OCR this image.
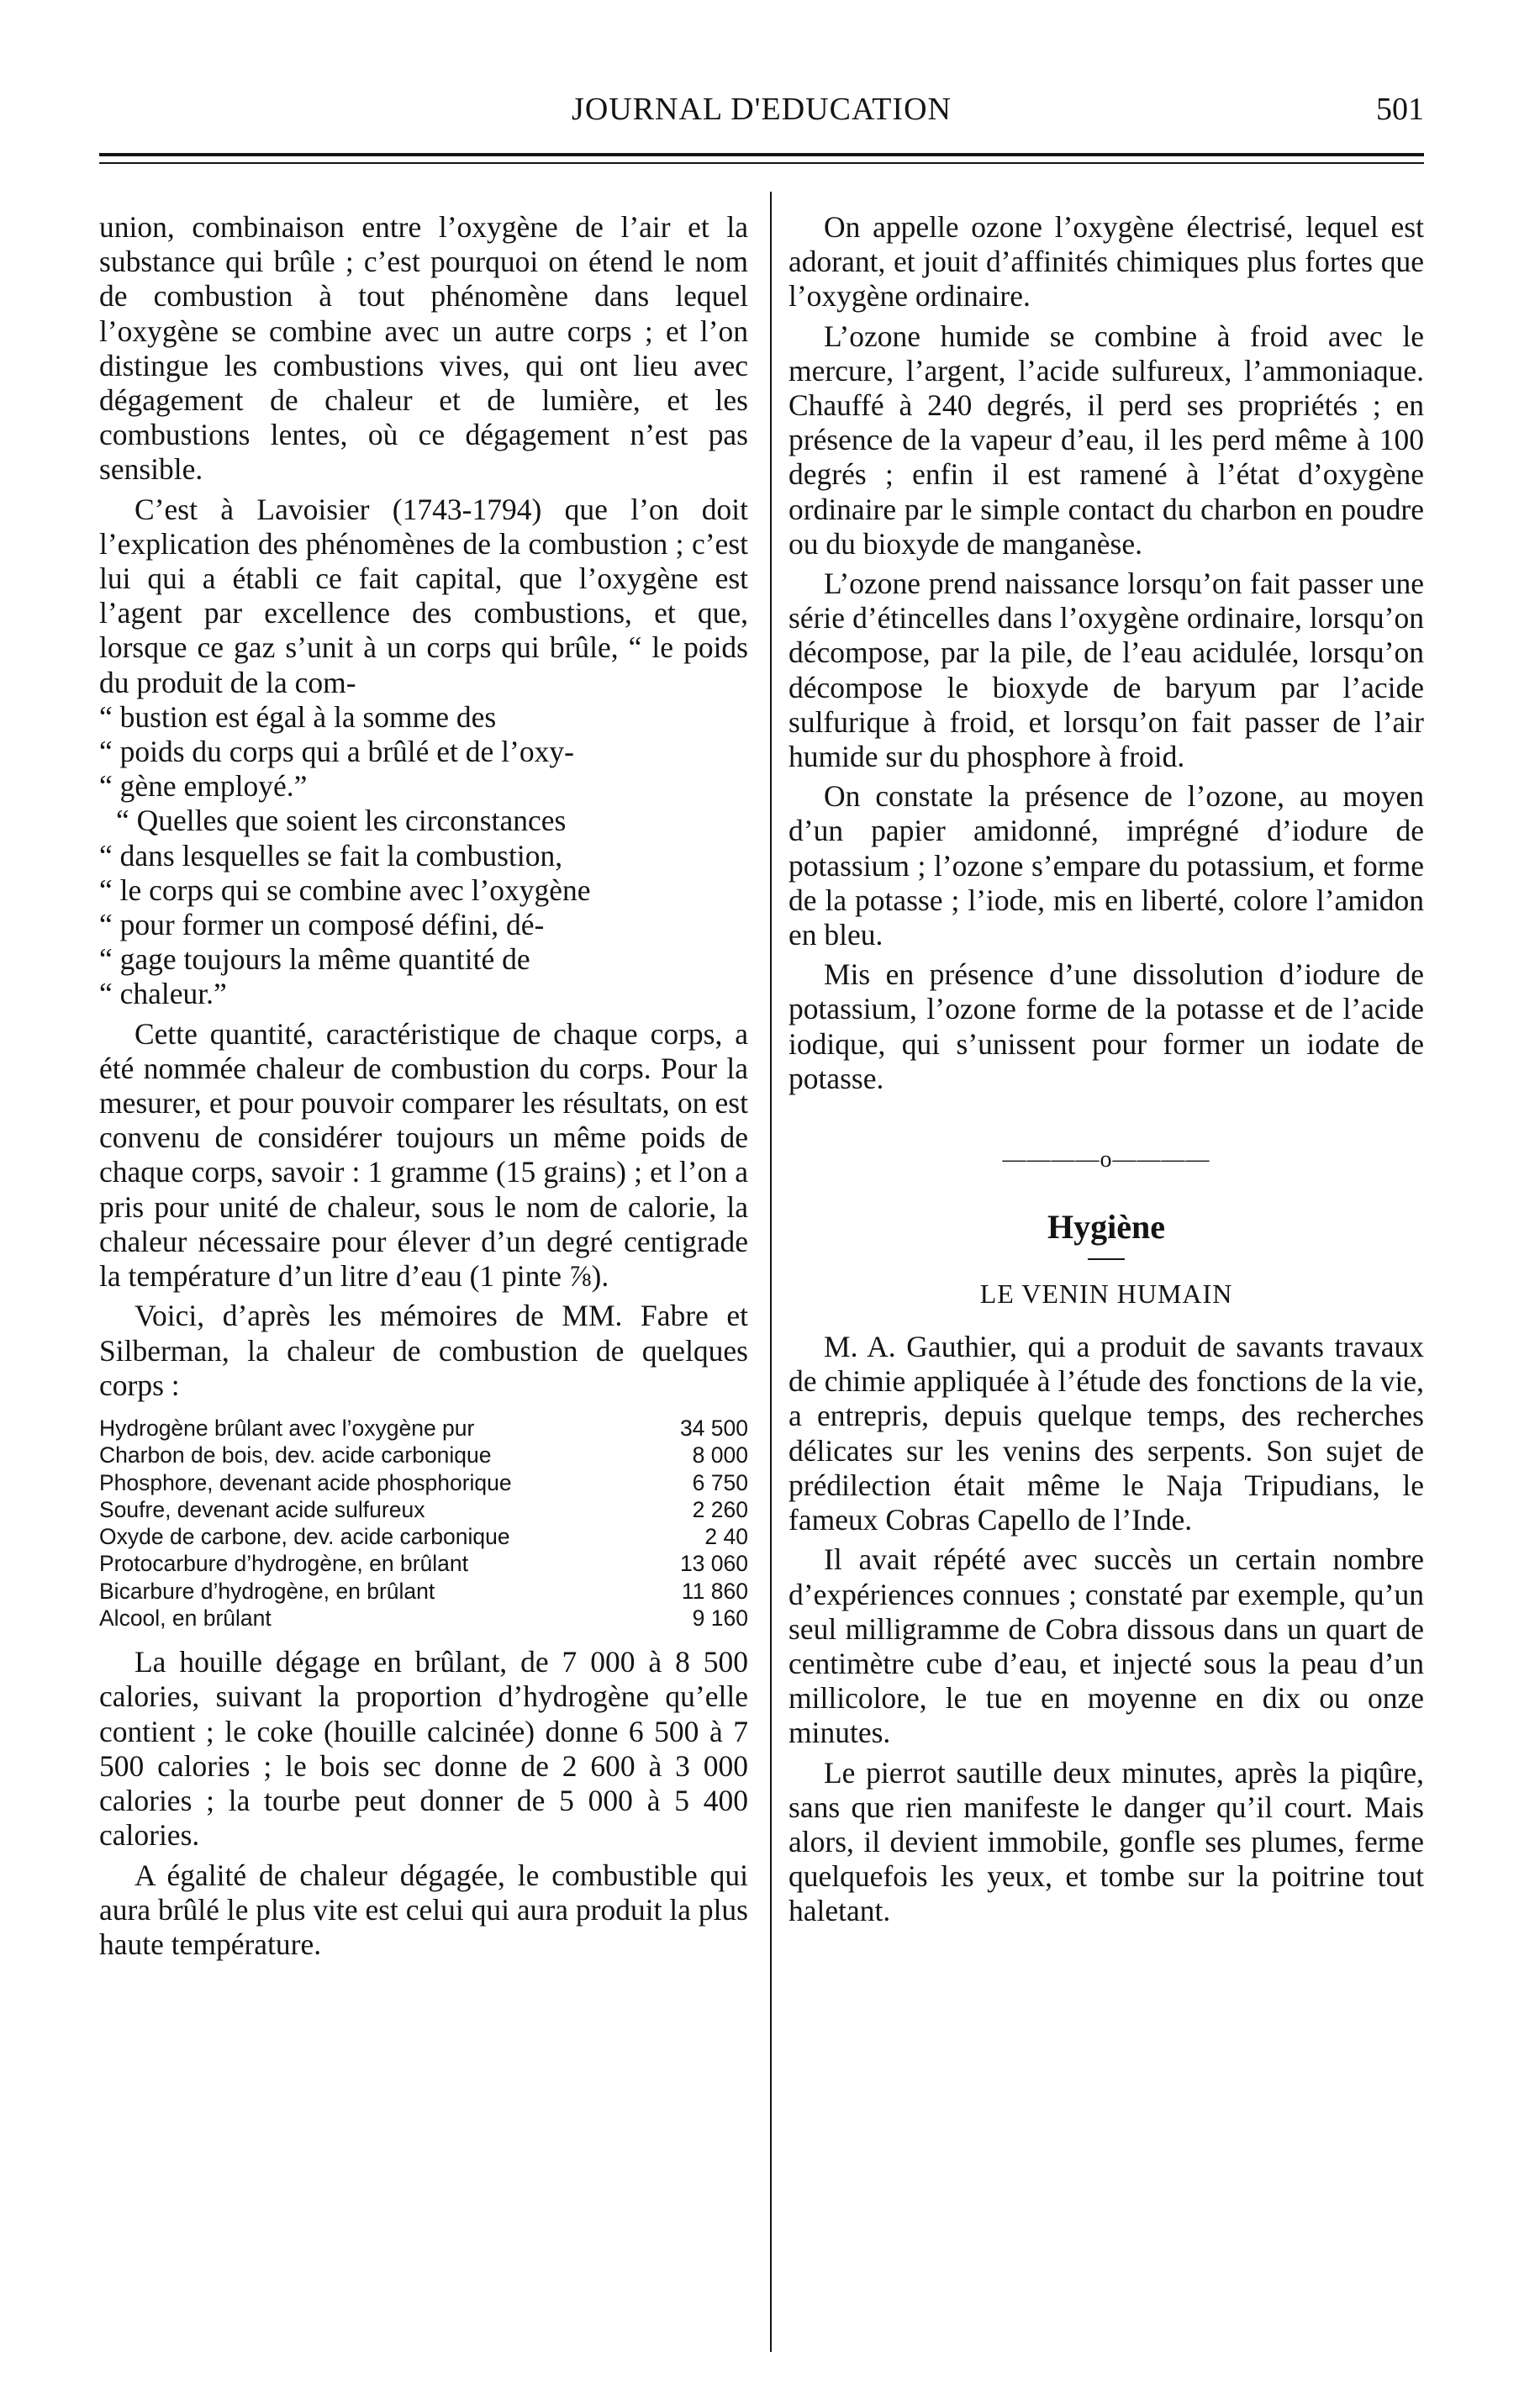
JOURNAL D'EDUCATION	501

union, combinaison entre l’oxygène de l’air et la substance qui brûle ; c’est pourquoi on étend le nom de combustion à tout phénomène dans lequel l’oxygène se combine avec un autre corps ; et l’on distingue les combustions vives, qui ont lieu avec dégagement de chaleur et de lumière, et les combustions lentes, où ce dégagement n’est pas sensible.

C’est à Lavoisier (1743-1794) que l’on doit l’explication des phénomènes de la combustion ; c’est lui qui a établi ce fait capital, que l’oxygène est l’agent par excellence des combustions, et que, lorsque ce gaz s’unit à un corps qui brûle, “ le poids du produit de la com-

“ bustion est égal à la somme des

“ poids du corps qui a brûlé et de l’oxy-

“ gène employé.”

“ Quelles que soient les circonstances

“ dans lesquelles se fait la combustion,

“ le corps qui se combine avec l’oxygène

“ pour former un composé défini, dé-

“ gage toujours la même quantité de

“ chaleur.”

Cette quantité, caractéristique de chaque corps, a été nommée chaleur de combustion du corps. Pour la mesurer, et pour pouvoir comparer les résultats, on est convenu de considérer toujours un même poids de chaque corps, savoir : 1 gramme (15 grains) ; et l’on a pris pour unité de chaleur, sous le nom de calorie, la chaleur nécessaire pour élever d’un degré centigrade la température d’un litre d’eau (1 pinte ⅞).

Voici, d’après les mémoires de MM. Fabre et Silberman, la chaleur de combustion de quelques corps :

Hydrogène brûlant avec l’oxygène pur	34 500
Charbon de bois, dev. acide carbonique	8 000
Phosphore, devenant acide phosphorique	6 750
Soufre, devenant acide sulfureux	2 260
Oxyde de carbone, dev. acide carbonique	2 40
Protocarbure d’hydrogène, en brûlant	13 060
Bicarbure d’hydrogène, en brûlant	11 860
Alcool, en brûlant	9 160

La houille dégage en brûlant, de 7 000 à 8 500 calories, suivant la proportion d’hydrogène qu’elle contient ; le coke (houille calcinée) donne 6 500 à 7 500 calories ; le bois sec donne de 2 600 à 3 000 calories ; la tourbe peut donner de 5 000 à 5 400 calories.

A égalité de chaleur dégagée, le combustible qui aura brûlé le plus vite est celui qui aura produit la plus haute température.

On appelle ozone l’oxygène électrisé, lequel est adorant, et jouit d’affinités chimiques plus fortes que l’oxygène ordinaire.

L’ozone humide se combine à froid avec le mercure, l’argent, l’acide sulfureux, l’ammoniaque. Chauffé à 240 degrés, il perd ses propriétés ; en présence de la vapeur d’eau, il les perd même à 100 degrés ; enfin il est ramené à l’état d’oxygène ordinaire par le simple contact du charbon en poudre ou du bioxyde de manganèse.

L’ozone prend naissance lorsqu’on fait passer une série d’étincelles dans l’oxygène ordinaire, lorsqu’on décompose, par la pile, de l’eau acidulée, lorsqu’on décompose le bioxyde de baryum par l’acide sulfurique à froid, et lorsqu’on fait passer de l’air humide sur du phosphore à froid.

On constate la présence de l’ozone, au moyen d’un papier amidonné, imprégné d’iodure de potassium ; l’ozone s’empare du potassium, et forme de la potasse ; l’iode, mis en liberté, colore l’amidon en bleu.

Mis en présence d’une dissolution d’iodure de potassium, l’ozone forme de la potasse et de l’acide iodique, qui s’unissent pour former un iodate de potasse.

————o————
Hygiène
LE VENIN HUMAIN

M. A. Gauthier, qui a produit de savants travaux de chimie appliquée à l’étude des fonctions de la vie, a entrepris, depuis quelque temps, des recherches délicates sur les venins des serpents. Son sujet de prédilection était même le Naja Tripudians, le fameux Cobras Capello de l’Inde.

Il avait répété avec succès un certain nombre d’expériences connues ; constaté par exemple, qu’un seul milligramme de Cobra dissous dans un quart de centimètre cube d’eau, et injecté sous la peau d’un millicolore, le tue en moyenne en dix ou onze minutes.

Le pierrot sautille deux minutes, après la piqûre, sans que rien manifeste le danger qu’il court. Mais alors, il devient immobile, gonfle ses plumes, ferme quelquefois les yeux, et tombe sur la poitrine tout haletant.
